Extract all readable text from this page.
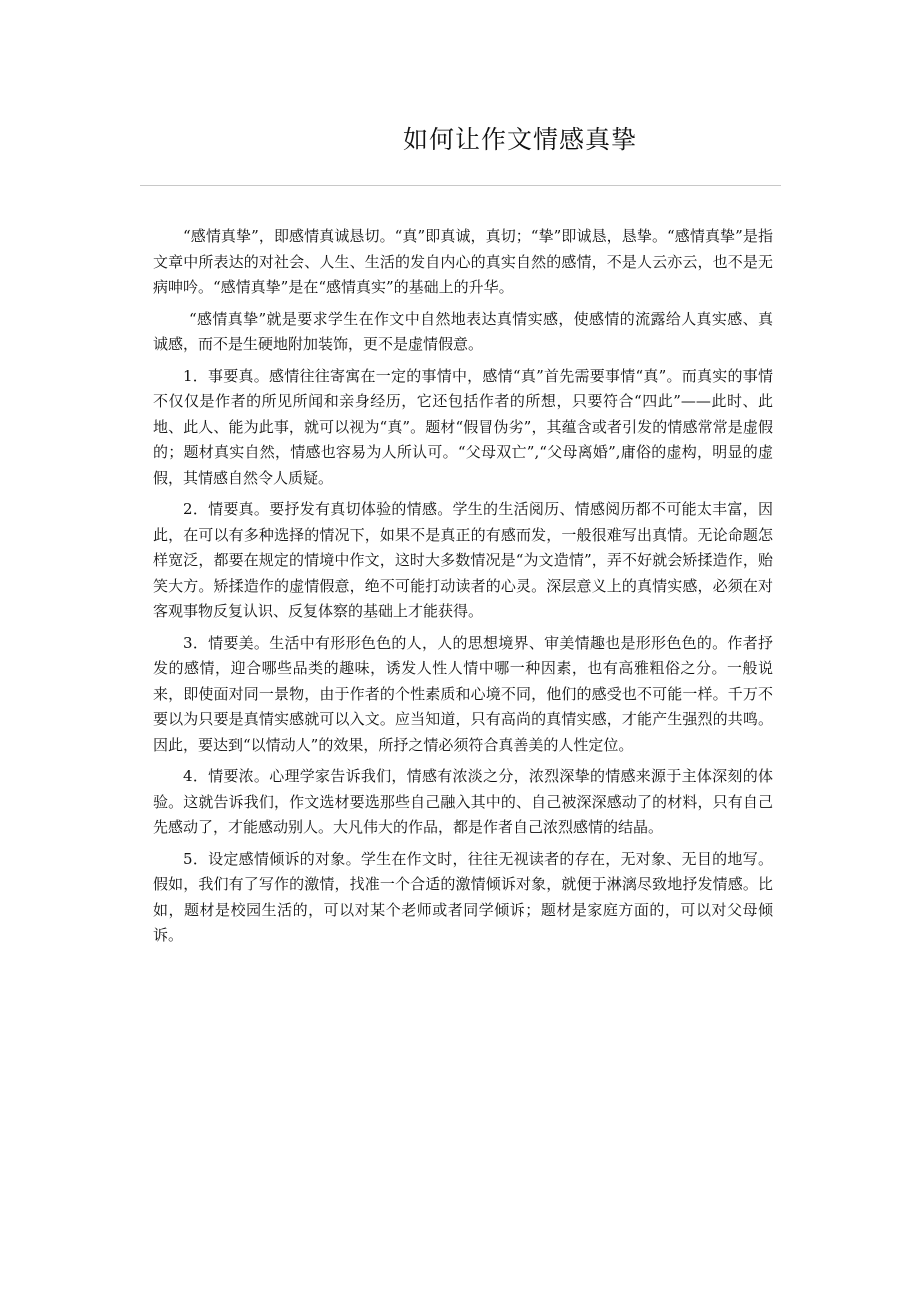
如何让作文情感真挚

“感情真挚”，即感情真诚恳切。“真”即真诚，真切；“挚”即诚恳，恳挚。“感情真挚”是指文章中所表达的对社会、人生、生活的发自内心的真实自然的感情，不是人云亦云，也不是无病呻吟。“感情真挚”是在“感情真实”的基础上的升华。

“感情真挚”就是要求学生在作文中自然地表达真情实感，使感情的流露给人真实感、真诚感，而不是生硬地附加装饰，更不是虚情假意。

1．事要真。感情往往寄寓在一定的事情中，感情“真”首先需要事情“真”。而真实的事情不仅仅是作者的所见所闻和亲身经历，它还包括作者的所想，只要符合“四此”——此时、此地、此人、能为此事，就可以视为“真”。题材“假冒伪劣”，其蕴含或者引发的情感常常是虚假的；题材真实自然，情感也容易为人所认可。“父母双亡”,“父母离婚”,庸俗的虚构，明显的虚假，其情感自然令人质疑。

2．情要真。要抒发有真切体验的情感。学生的生活阅历、情感阅历都不可能太丰富，因此，在可以有多种选择的情况下，如果不是真正的有感而发，一般很难写出真情。无论命题怎样宽泛，都要在规定的情境中作文，这时大多数情况是“为文造情”，弄不好就会矫揉造作，贻笑大方。矫揉造作的虚情假意，绝不可能打动读者的心灵。深层意义上的真情实感，必须在对客观事物反复认识、反复体察的基础上才能获得。

3．情要美。生活中有形形色色的人，人的思想境界、审美情趣也是形形色色的。作者抒发的感情，迎合哪些品类的趣味，诱发人性人情中哪一种因素，也有高雅粗俗之分。一般说来，即使面对同一景物，由于作者的个性素质和心境不同，他们的感受也不可能一样。千万不要以为只要是真情实感就可以入文。应当知道，只有高尚的真情实感，才能产生强烈的共鸣。因此，要达到“以情动人”的效果，所抒之情必须符合真善美的人性定位。

4．情要浓。心理学家告诉我们，情感有浓淡之分，浓烈深挚的情感来源于主体深刻的体验。这就告诉我们，作文选材要选那些自己融入其中的、自己被深深感动了的材料，只有自己先感动了，才能感动别人。大凡伟大的作品，都是作者自己浓烈感情的结晶。

5．设定感情倾诉的对象。学生在作文时，往往无视读者的存在，无对象、无目的地写。假如，我们有了写作的激情，找准一个合适的激情倾诉对象，就便于淋漓尽致地抒发情感。比如，题材是校园生活的，可以对某个老师或者同学倾诉；题材是家庭方面的，可以对父母倾诉。
